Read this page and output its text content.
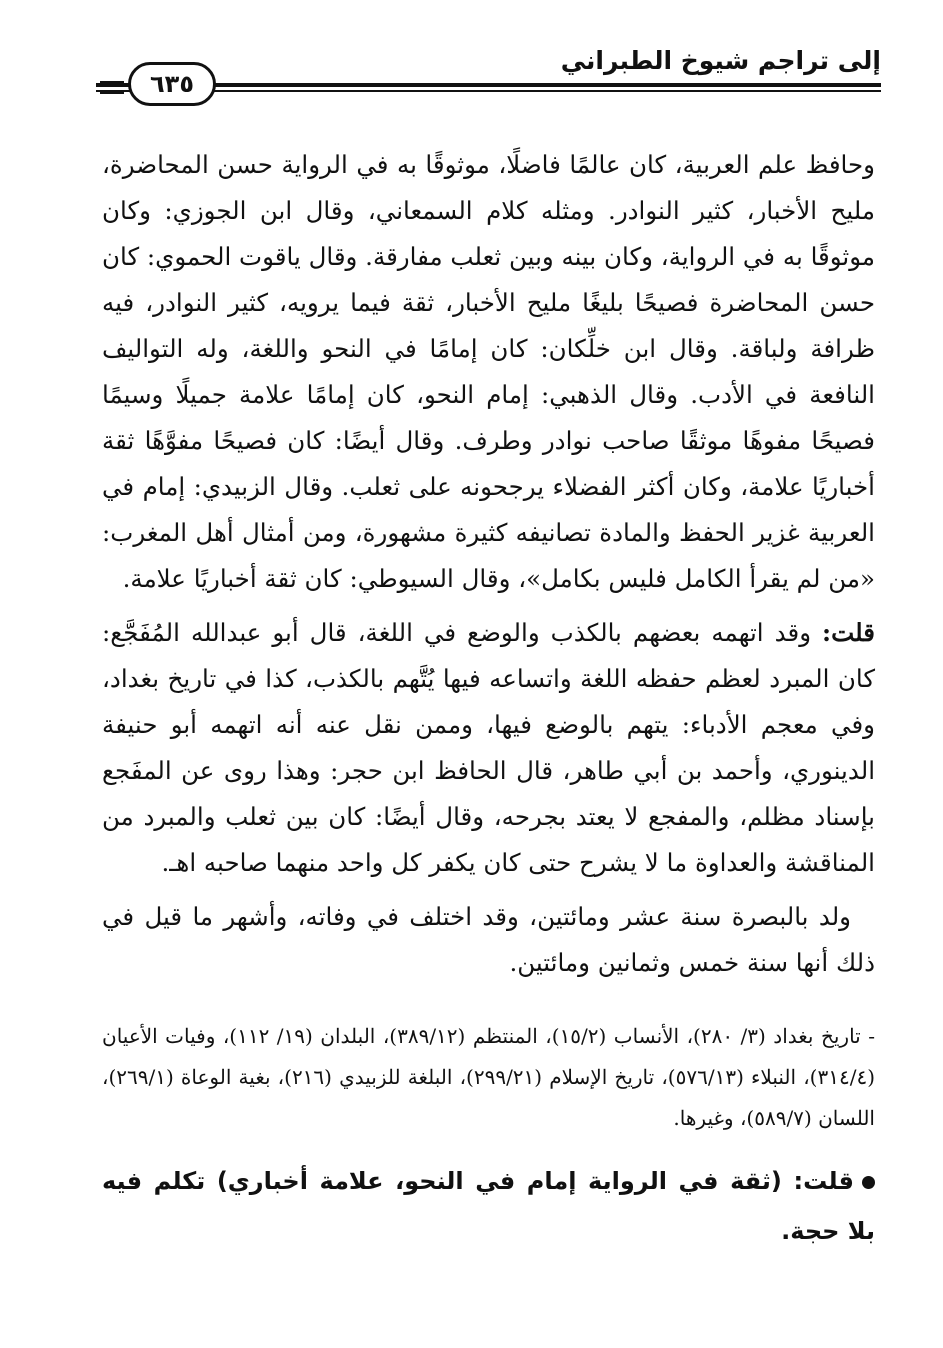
إلى تراجم شيوخ الطبراني
٦٣٥

وحافظ علم العربية، كان عالمًا فاضلًا، موثوقًا به في الرواية حسن المحاضرة، مليح الأخبار، كثير النوادر. ومثله كلام السمعاني، وقال ابن الجوزي: وكان موثوقًا به في الرواية، وكان بينه وبين ثعلب مفارقة. وقال ياقوت الحموي: كان حسن المحاضرة فصيحًا بليغًا مليح الأخبار، ثقة فيما يرويه، كثير النوادر، فيه ظرافة ولباقة. وقال ابن خلِّكان: كان إمامًا في النحو واللغة، وله التواليف النافعة في الأدب. وقال الذهبي: إمام النحو، كان إمامًا علامة جميلًا وسيمًا فصيحًا مفوهًا موثقًا صاحب نوادر وطرف. وقال أيضًا: كان فصيحًا مفوَّهًا ثقة أخباريًا علامة، وكان أكثر الفضلاء يرجحونه على ثعلب. وقال الزبيدي: إمام في العربية غزير الحفظ والمادة تصانيفه كثيرة مشهورة، ومن أمثال أهل المغرب: «من لم يقرأ الكامل فليس بكامل»، وقال السيوطي: كان ثقة أخباريًا علامة.

قلت: وقد اتهمه بعضهم بالكذب والوضع في اللغة، قال أبو عبدالله المُفَجَّع: كان المبرد لعظم حفظه اللغة واتساعه فيها يُتَّهم بالكذب، كذا في تاريخ بغداد، وفي معجم الأدباء: يتهم بالوضع فيها، وممن نقل عنه أنه اتهمه أبو حنيفة الدينوري، وأحمد بن أبي طاهر، قال الحافظ ابن حجر: وهذا روى عن المفَجع بإسناد مظلم، والمفجع لا يعتد بجرحه، وقال أيضًا: كان بين ثعلب والمبرد من المناقشة والعداوة ما لا يشرح حتى كان يكفر كل واحد منهما صاحبه اهـ.

ولد بالبصرة سنة عشر ومائتين، وقد اختلف في وفاته، وأشهر ما قيل في ذلك أنها سنة خمس وثمانين ومائتين.

- تاريخ بغداد (٣/ ٢٨٠)، الأنساب (١٥/٢)، المنتظم (٣٨٩/١٢)، البلدان (١٩/ ١١٢)، وفيات الأعيان (٣١٤/٤)، النبلاء (٥٧٦/١٣)، تاريخ الإسلام (٢٩٩/٢١)، البلغة للزبيدي (٢١٦)، بغية الوعاة (٢٦٩/١)، اللسان (٥٨٩/٧)، وغيرها.

قلت: (ثقة في الرواية إمام في النحو، علامة أخباري) تكلم فيه بلا حجة.
